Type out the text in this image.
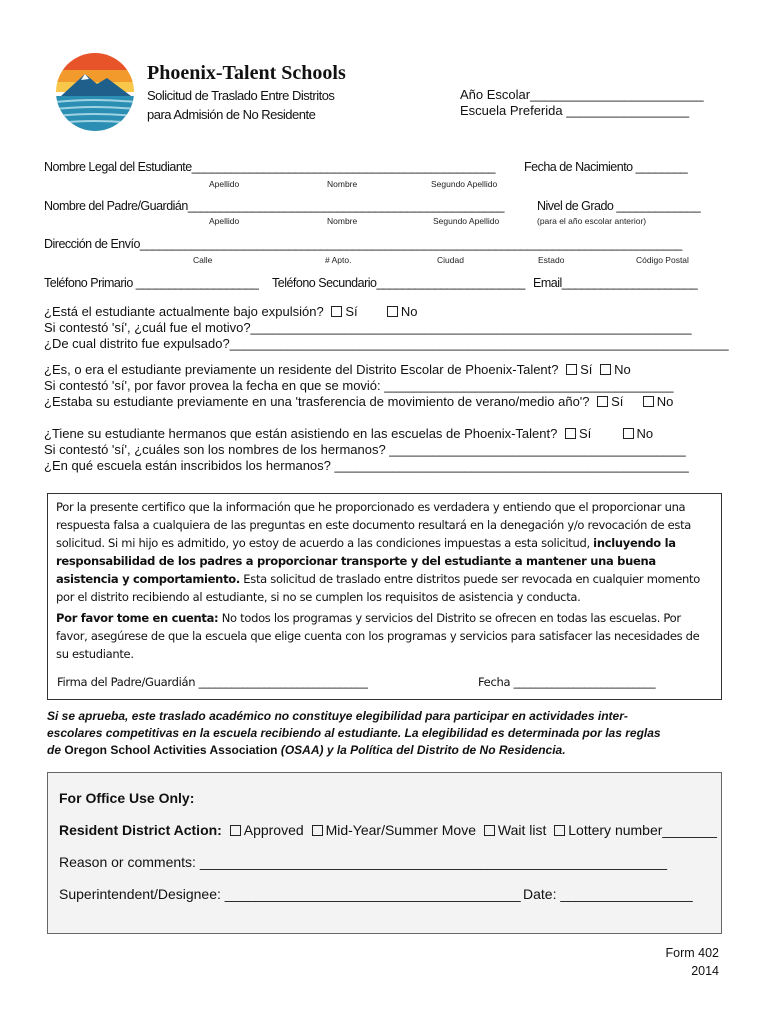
Phoenix-Talent Schools
Solicitud de Traslado Entre Distritos
para Admisión de No Residente
Año Escolar________________________
Escuela Preferida _________________
Nombre Legal del Estudiante_______________________________________________ Fecha de Nacimiento ________
Apellido	Nombre	Segundo Apellido
Nombre del Padre/Guardián_________________________________________________	Nivel de Grado _____________
Apellido	Nombre	Segundo Apellido	(para el año escolar anterior)
Dirección de Envío____________________________________________________________________________________
Calle	# Apto.	Ciudad	Estado	Código Postal
Teléfono Primario ___________________ Teléfono Secundario_______________________ Email_____________________
¿Está el estudiante actualmente bajo expulsión? Sí	No
Si contestó 'sí', ¿cuál fue el motivo?_____________________________________________________________
¿De cual distrito fue expulsado?_____________________________________________________________________
¿Es, o era el estudiante previamente un residente del Distrito Escolar de Phoenix-Talent? Sí No
Si contestó 'sí', por favor provea la fecha en que se movió: ________________________________________
¿Estaba su estudiante previamente en una 'trasferencia de movimiento de verano/medio año'? Sí	No
¿Tiene su estudiante hermanos que están asistiendo en las escuelas de Phoenix-Talent? Sí	No
Si contestó 'sí', ¿cuáles son los nombres de los hermanos? _________________________________________
¿En qué escuela están inscribidos los hermanos? _________________________________________________

Por la presente certifico que la información que he proporcionado es verdadera y entiendo que el proporcionar una respuesta falsa a cualquiera de las preguntas en este documento resultará en la denegación y/o revocación de esta solicitud. Si mi hijo es admitido, yo estoy de acuerdo a las condiciones impuestas a esta solicitud, incluyendo la responsabilidad de los padres a proporcionar transporte y del estudiante a mantener una buena asistencia y comportamiento. Esta solicitud de traslado entre distritos puede ser revocada en cualquier momento por el distrito recibiendo al estudiante, si no se cumplen los requisitos de asistencia y conducta.

Por favor tome en cuenta: No todos los programas y servicios del Distrito se ofrecen en todas las escuelas. Por favor, asegúrese de que la escuela que elige cuenta con los programas y servicios para satisfacer las necesidades de su estudiante.

Firma del Padre/Guardián _______________________________	Fecha __________________________
Si se aprueba, este traslado académico no constituye elegibilidad para participar en actividades inter-
escolares competitivas en la escuela recibiendo al estudiante. La elegibilidad es determinada por las reglas
de Oregon School Activities Association (OSAA) y la Política del Distrito de No Residencia.
For Office Use Only:
Resident District Action: Approved Mid-Year/Summer Move Wait list Lottery number_______
Reason or comments: ____________________________________________________________
Superintendent/Designee: ______________________________________ Date: _________________
Form 402
2014
